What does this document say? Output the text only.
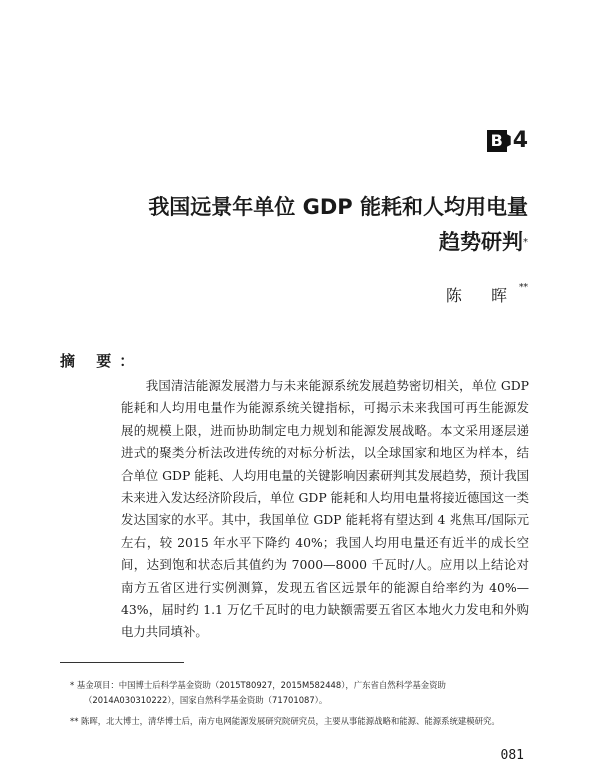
B 4
我国远景年单位 GDP 能耗和人均用电量
趋势研判*
陈 晖**
摘 要：

我国清洁能源发展潜力与未来能源系统发展趋势密切相关，单位 GDP 能耗和人均用电量作为能源系统关键指标，可揭示未来我国可再生能源发展的规模上限，进而协助制定电力规划和能源发展战略。本文采用逐层递进式的聚类分析法改进传统的对标分析法，以全球国家和地区为样本，结合单位 GDP 能耗、人均用电量的关键影响因素研判其发展趋势，预计我国未来进入发达经济阶段后，单位 GDP 能耗和人均用电量将接近德国这一类发达国家的水平。其中，我国单位 GDP 能耗将有望达到 4 兆焦耳/国际元左右，较 2015 年水平下降约 40%；我国人均用电量还有近半的成长空间，达到饱和状态后其值约为 7000—8000 千瓦时/人。应用以上结论对南方五省区进行实例测算，发现五省区远景年的能源自给率约为 40%—43%，届时约 1.1 万亿千瓦时的电力缺额需要五省区本地火力发电和外购电力共同填补。

* 基金项目：中国博士后科学基金资助（2015T80927，2015M582448），广东省自然科学基金资助（2014A030310222），国家自然科学基金资助（71701087）。

** 陈晖，北大博士，清华博士后，南方电网能源发展研究院研究员，主要从事能源战略和能源、能源系统建模研究。

081
